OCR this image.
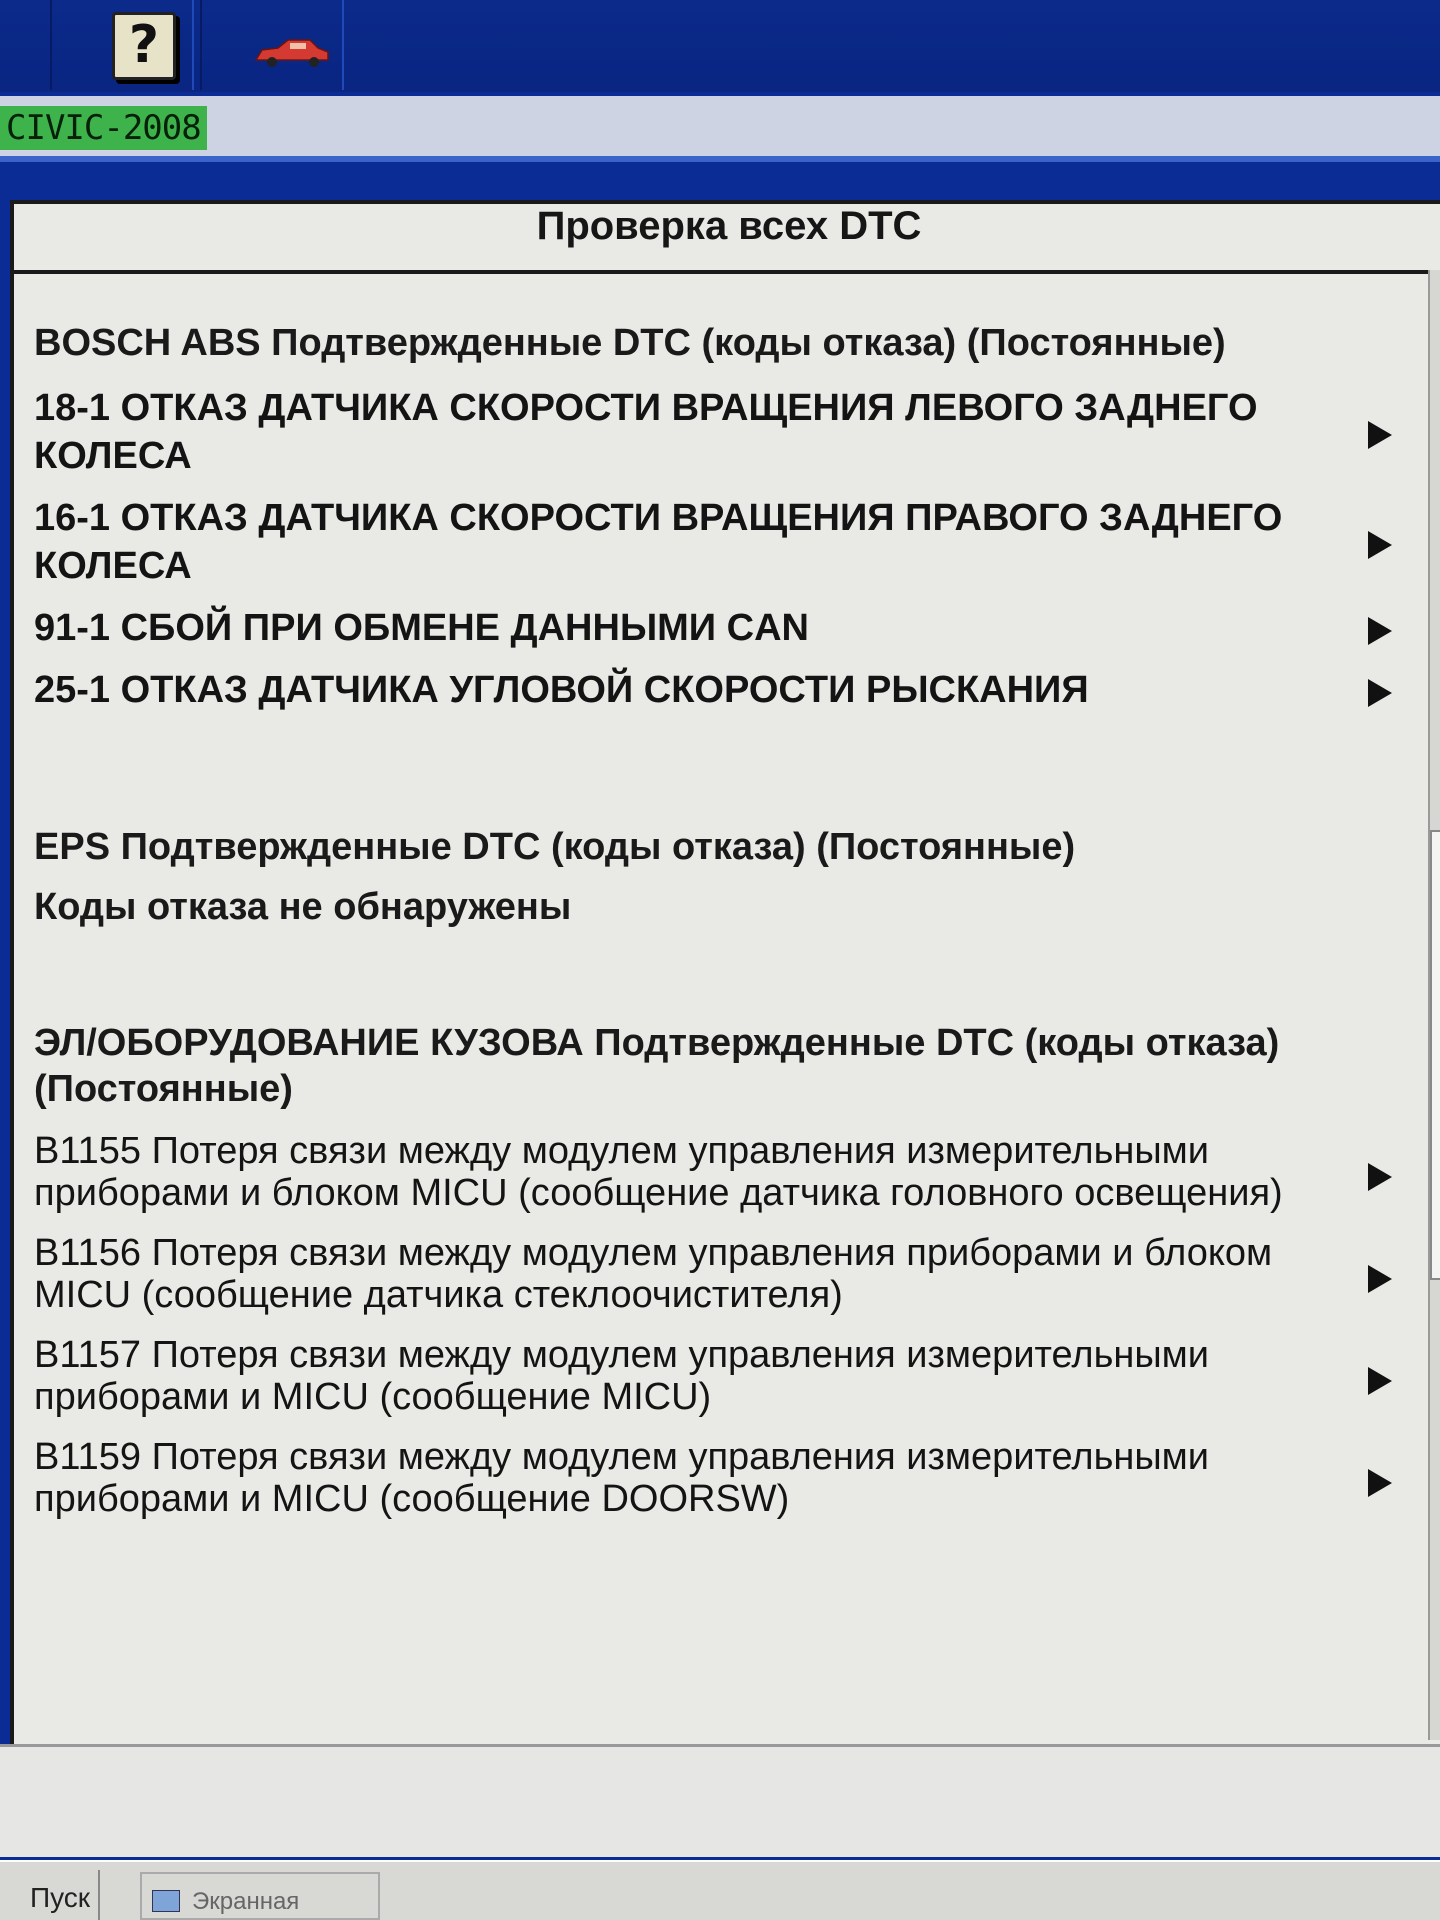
?
CIVIC-2008
Проверка всех DTC
BOSCH ABS Подтвержденные DTC (коды отказа) (Постоянные)
18-1 ОТКАЗ ДАТЧИКА СКОРОСТИ ВРАЩЕНИЯ ЛЕВОГО ЗАДНЕГО КОЛЕСА
16-1 ОТКАЗ ДАТЧИКА СКОРОСТИ ВРАЩЕНИЯ ПРАВОГО ЗАДНЕГО КОЛЕСА
91-1 СБОЙ ПРИ ОБМЕНЕ ДАННЫМИ CAN
25-1 ОТКАЗ ДАТЧИКА УГЛОВОЙ СКОРОСТИ РЫСКАНИЯ
EPS Подтвержденные DTC (коды отказа) (Постоянные)
Коды отказа не обнаружены
ЭЛ/ОБОРУДОВАНИЕ КУЗОВА Подтвержденные DTC (коды отказа) (Постоянные)
B1155 Потеря связи между модулем управления измерительными приборами и блоком MICU (сообщение датчика головного освещения)
B1156 Потеря связи между модулем управления приборами и блоком MICU (сообщение датчика стеклоочистителя)
B1157 Потеря связи между модулем управления измерительными приборами и MICU (сообщение MICU)
B1159 Потеря связи между модулем управления измерительными приборами и MICU (сообщение DOORSW)
Пуск	Экранная
